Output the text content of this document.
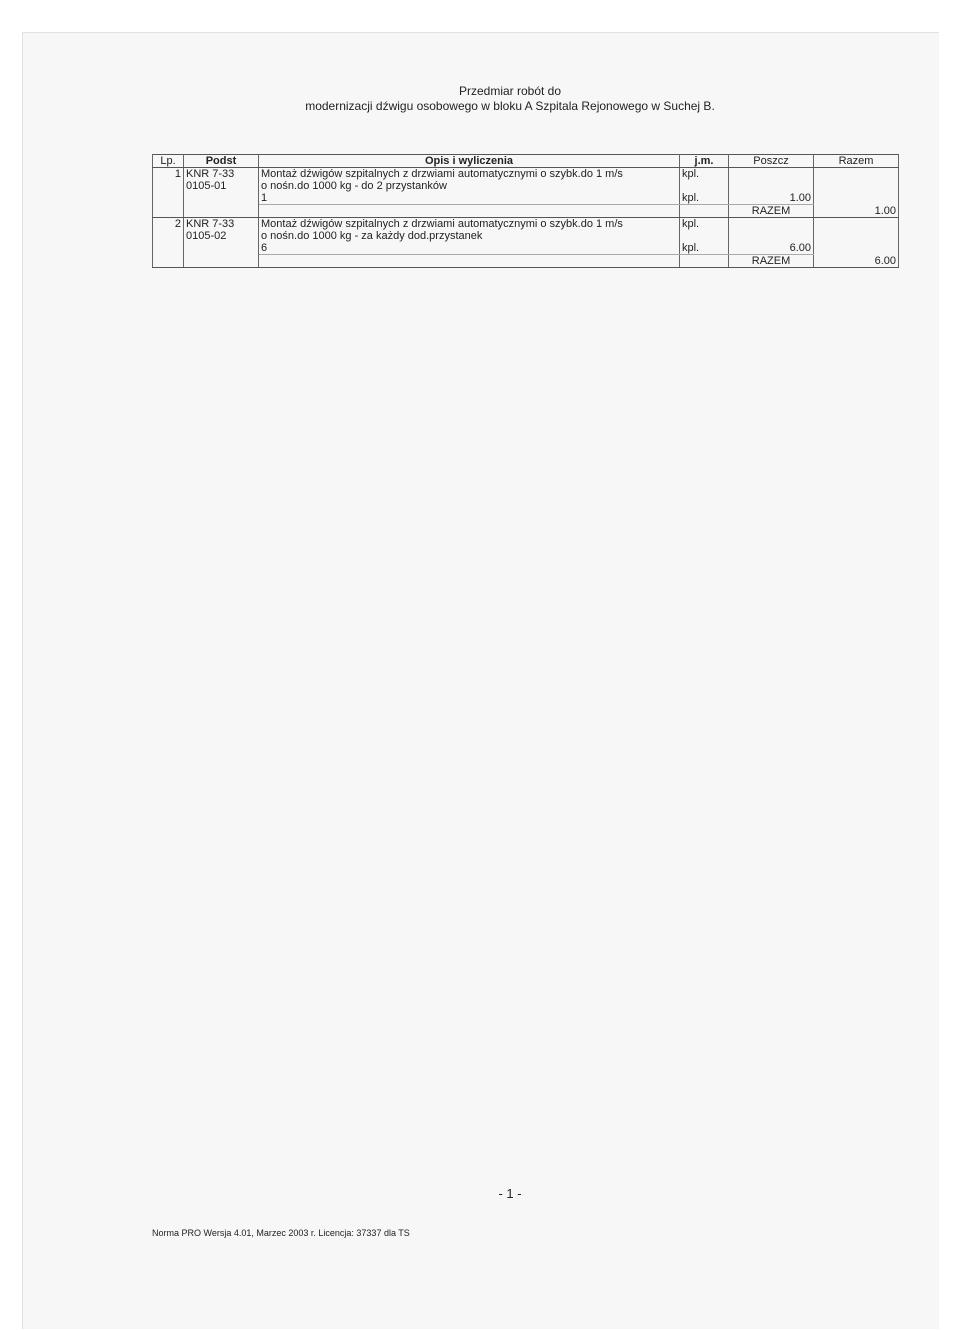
Przedmiar robót do
modernizacji dźwigu osobowego w bloku A Szpitala Rejonowego w Suchej B.
Lp.	Podst	Opis i wyliczenia	j.m.	Poszcz	Razem
1	KNR 7-33	Montaż dźwigów szpitalnych z drzwiami automatycznymi o szybk.do 1 m/s	kpl.		
	0105-01	o nośn.do 1000 kg - do 2 przystanków			
		1	kpl.	1.00	
				RAZEM	1.00
2	KNR 7-33	Montaż dźwigów szpitalnych z drzwiami automatycznymi o szybk.do 1 m/s	kpl.		
	0105-02	o nośn.do 1000 kg - za każdy dod.przystanek			
		6	kpl.	6.00	
				RAZEM	6.00
- 1 -
Norma PRO Wersja 4.01, Marzec 2003 r. Licencja: 37337 dla TS
